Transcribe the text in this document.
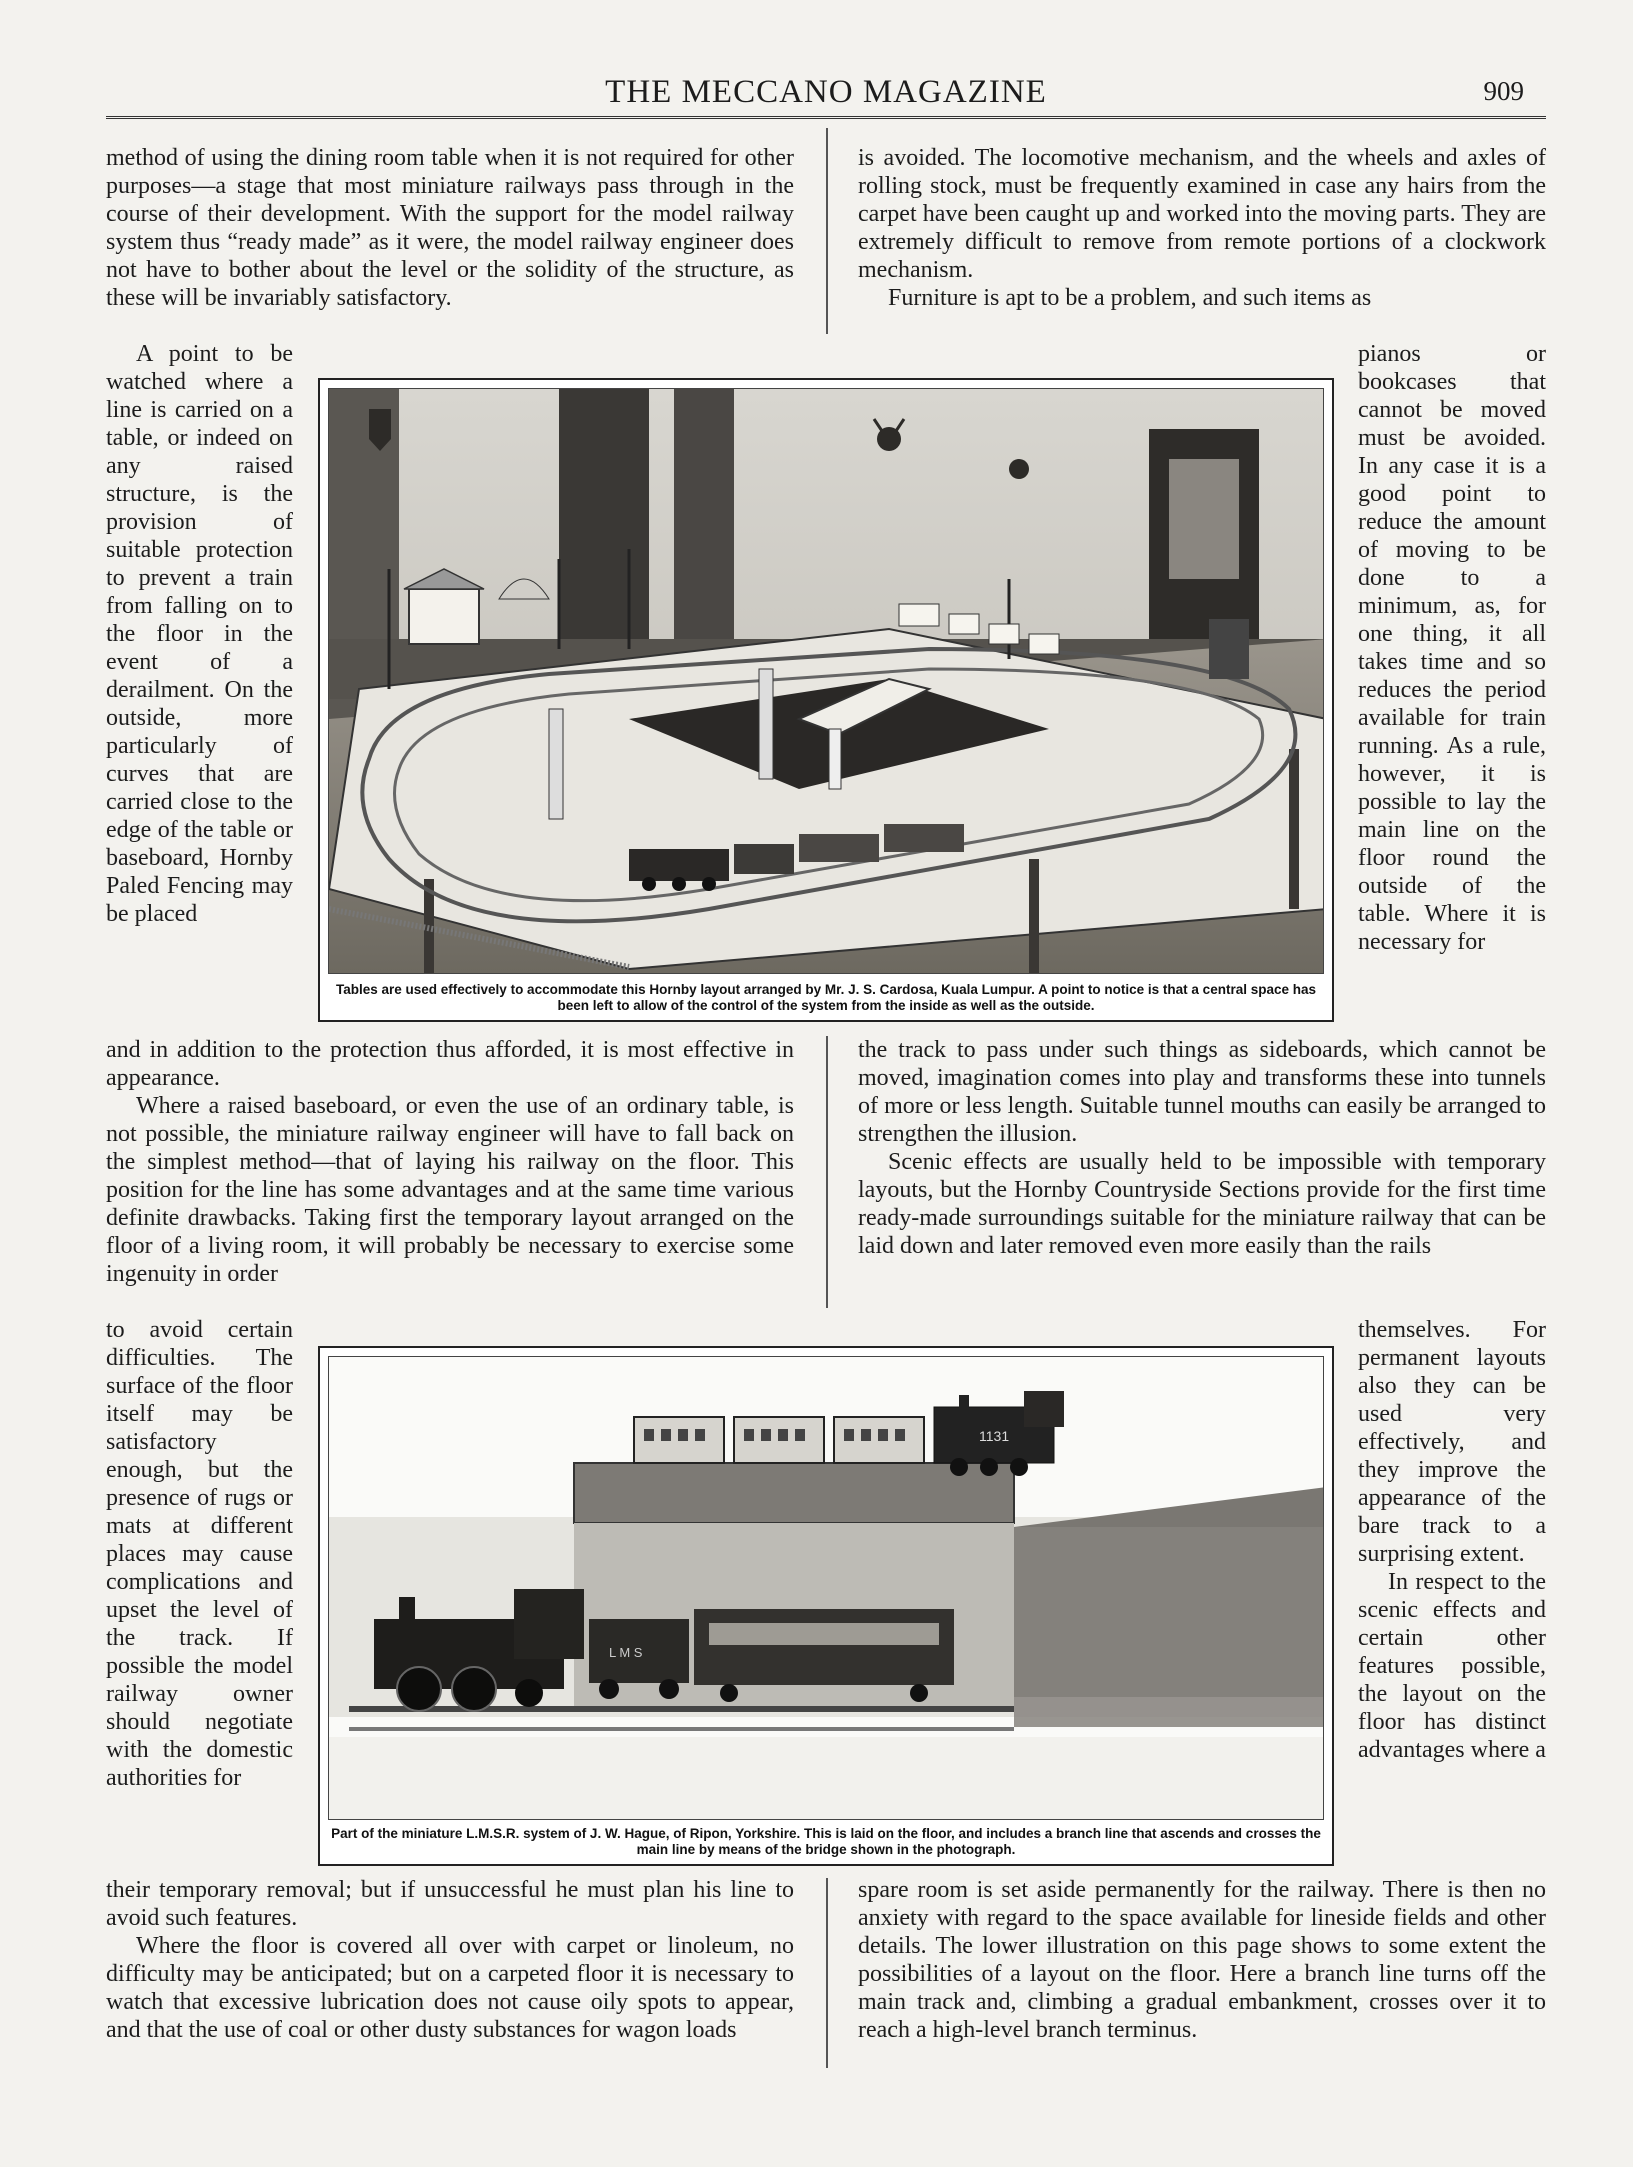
THE MECCANO MAGAZINE	909

method of using the dining room table when it is not required for other purposes—a stage that most miniature railways pass through in the course of their development. With the support for the model railway system thus “ready made” as it were, the model railway engineer does not have to bother about the level or the solidity of the structure, as these will be invariably satisfactory.

A point to be watched where a line is carried on a table, or indeed on any raised structure, is the provision of suitable protection to prevent a train from falling on to the floor in the event of a derailment. On the outside, more particularly of curves that are carried close to the edge of the table or baseboard, Hornby Paled Fencing may be placed

and in addition to the protection thus afforded, it is most effective in appearance.

Where a raised baseboard, or even the use of an ordinary table, is not possible, the miniature railway engineer will have to fall back on the simplest method—that of laying his railway on the floor. This position for the line has some advantages and at the same time various definite drawbacks. Taking first the temporary layout arranged on the floor of a living room, it will probably be necessary to exercise some ingenuity in order

to avoid certain difficulties. The surface of the floor itself may be satisfactory enough, but the presence of rugs or mats at different places may cause complications and upset the level of the track. If possible the model railway owner should negotiate with the domestic authorities for

their temporary removal; but if unsuccessful he must plan his line to avoid such features.

Where the floor is covered all over with carpet or linoleum, no difficulty may be anticipated; but on a carpeted floor it is necessary to watch that excessive lubrication does not cause oily spots to appear, and that the use of coal or other dusty substances for wagon loads

is avoided. The locomotive mechanism, and the wheels and axles of rolling stock, must be frequently examined in case any hairs from the carpet have been caught up and worked into the moving parts. They are extremely difficult to remove from remote portions of a clockwork mechanism.

Furniture is apt to be a problem, and such items as

pianos or bookcases that cannot be moved must be avoided. In any case it is a good point to reduce the amount of moving to be done to a minimum, as, for one thing, it all takes time and so reduces the period available for train running. As a rule, however, it is possible to lay the main line on the floor round the outside of the table. Where it is necessary for

the track to pass under such things as sideboards, which cannot be moved, imagination comes into play and transforms these into tunnels of more or less length. Suitable tunnel mouths can easily be arranged to strengthen the illusion.

Scenic effects are usually held to be impossible with temporary layouts, but the Hornby Countryside Sections provide for the first time ready-made surroundings suitable for the miniature railway that can be laid down and later removed even more easily than the rails

themselves. For permanent layouts also they can be used very effectively, and they improve the appearance of the bare track to a surprising extent.

In respect to the scenic effects and certain other features possible, the layout on the floor has distinct advantages where a

spare room is set aside permanently for the railway. There is then no anxiety with regard to the space available for lineside fields and other details. The lower illustration on this page shows to some extent the possibilities of a layout on the floor. Here a branch line turns off the main track and, climbing a gradual embankment, crosses over it to reach a high-level branch terminus.

Tables are used effectively to accommodate this Hornby layout arranged by Mr. J. S. Cardosa, Kuala Lumpur. A point to notice is that a central space has been left to allow of the control of the system from the inside as well as the outside.
1131
L M S
Part of the miniature L.M.S.R. system of J. W. Hague, of Ripon, Yorkshire. This is laid on the floor, and includes a branch line that ascends and crosses the main line by means of the bridge shown in the photograph.
